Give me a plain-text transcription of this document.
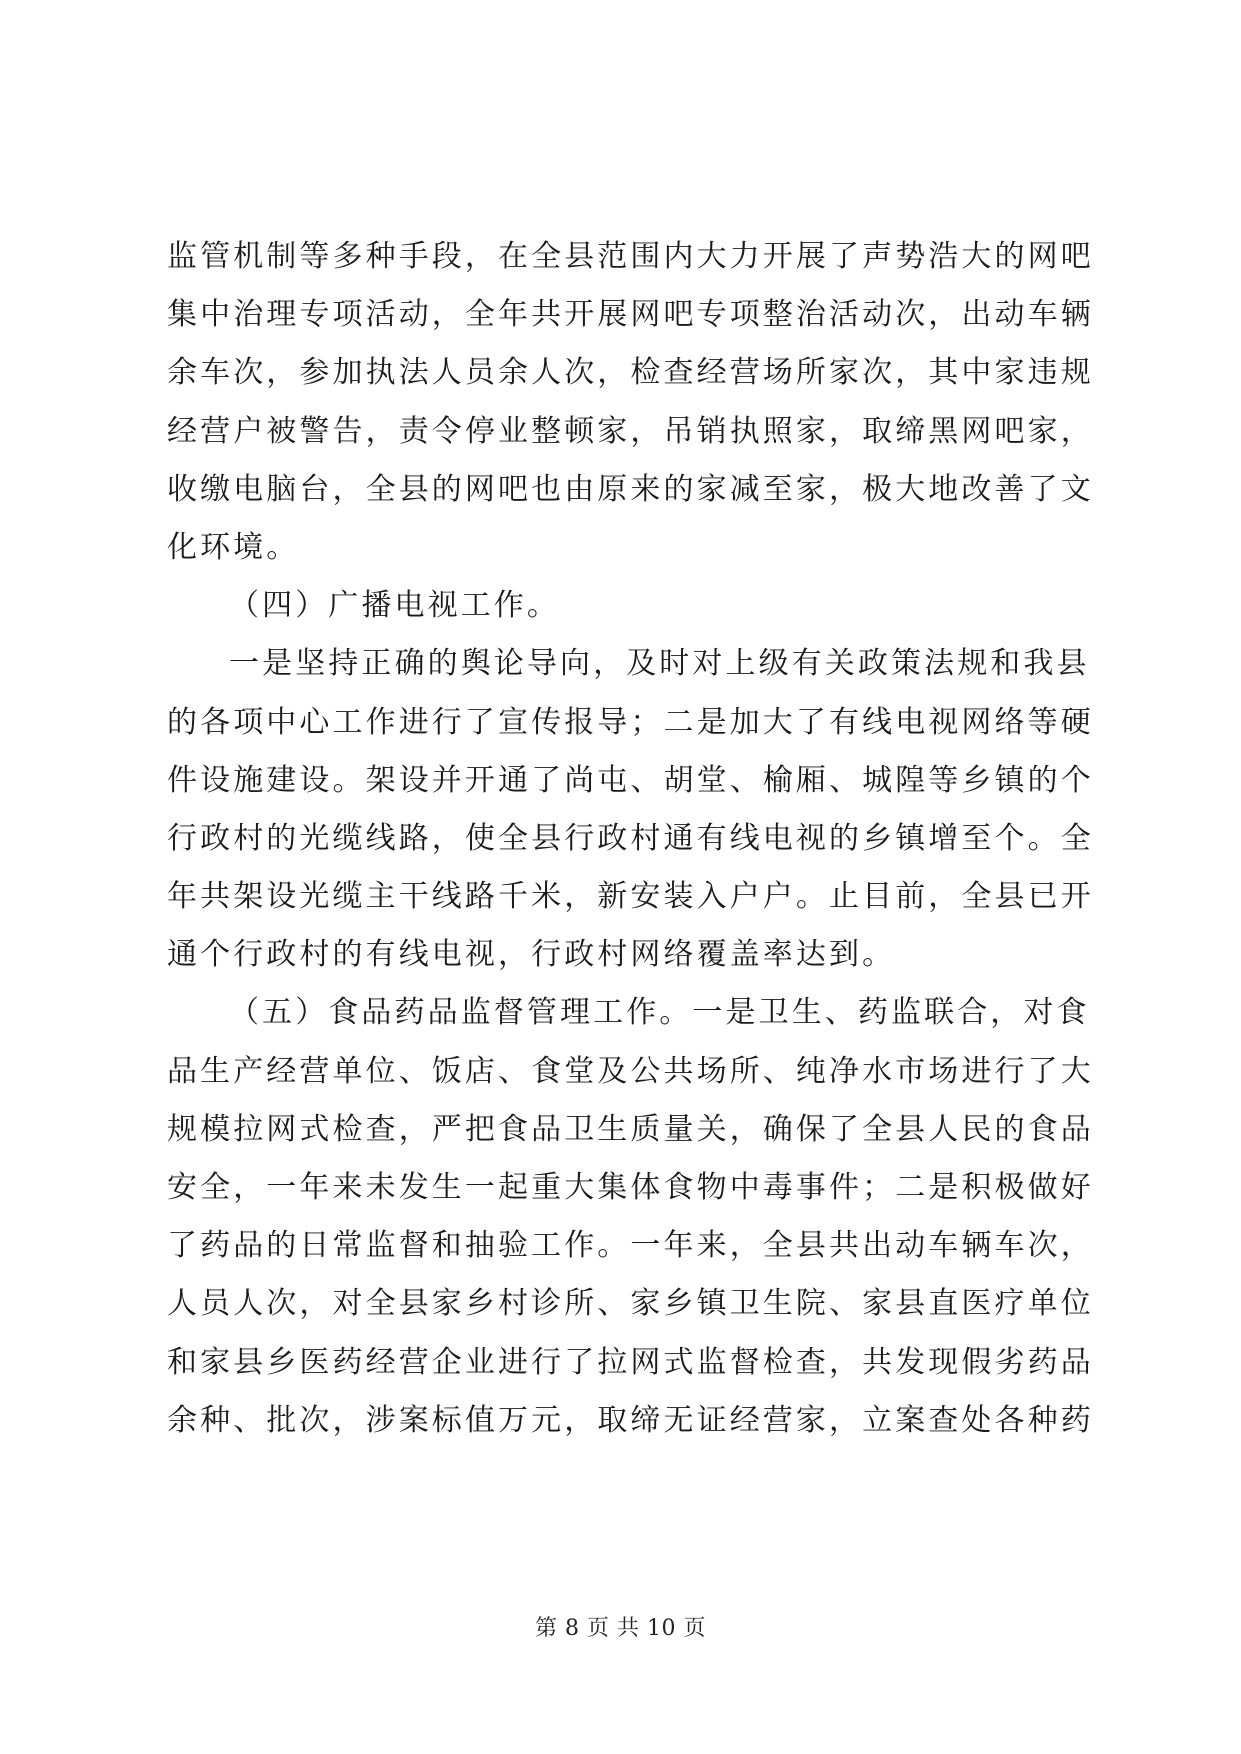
监管机制等多种手段，在全县范围内大力开展了声势浩大的网吧
集中治理专项活动，全年共开展网吧专项整治活动次，出动车辆
余车次，参加执法人员余人次，检查经营场所家次，其中家违规
经营户被警告，责令停业整顿家，吊销执照家，取缔黑网吧家，
收缴电脑台，全县的网吧也由原来的家减至家，极大地改善了文
化环境。
（四）广播电视工作。
一是坚持正确的舆论导向，及时对上级有关政策法规和我县
的各项中心工作进行了宣传报导；二是加大了有线电视网络等硬
件设施建设。架设并开通了尚屯、胡堂、榆厢、城隍等乡镇的个
行政村的光缆线路，使全县行政村通有线电视的乡镇增至个。全
年共架设光缆主干线路千米，新安装入户户。止目前，全县已开
通个行政村的有线电视，行政村网络覆盖率达到。
（五）食品药品监督管理工作。一是卫生、药监联合，对食
品生产经营单位、饭店、食堂及公共场所、纯净水市场进行了大
规模拉网式检查，严把食品卫生质量关，确保了全县人民的食品
安全，一年来未发生一起重大集体食物中毒事件；二是积极做好
了药品的日常监督和抽验工作。一年来，全县共出动车辆车次，
人员人次，对全县家乡村诊所、家乡镇卫生院、家县直医疗单位
和家县乡医药经营企业进行了拉网式监督检查，共发现假劣药品
余种、批次，涉案标值万元，取缔无证经营家，立案查处各种药
第 8 页 共 10 页
